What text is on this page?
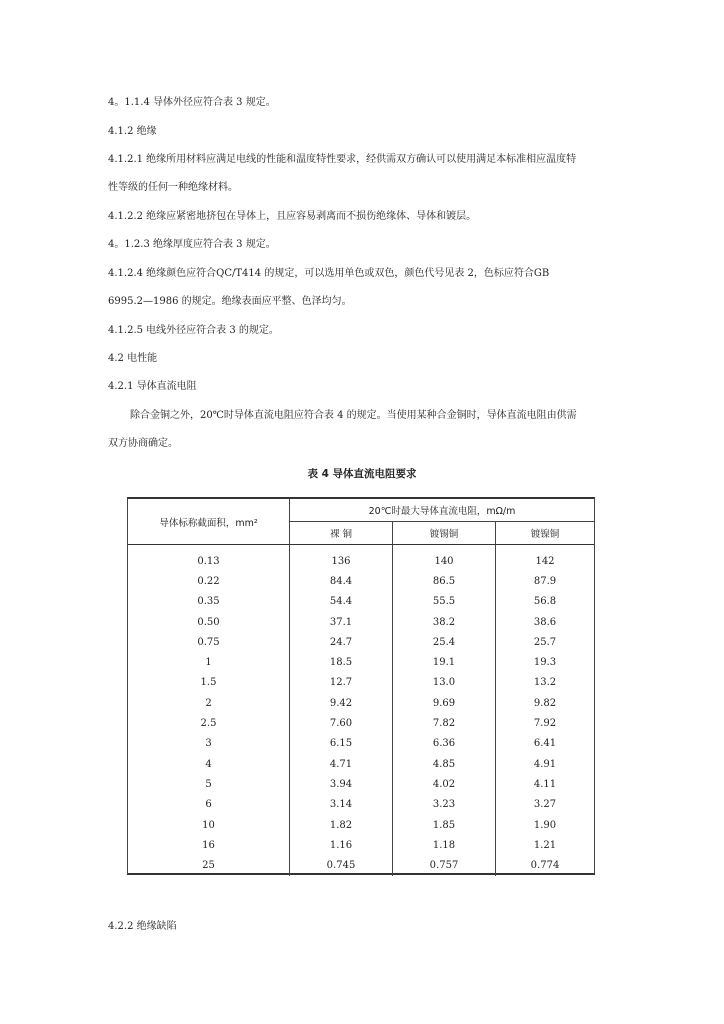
4。1.1.4 导体外径应符合表 3 规定。
4.1.2 绝缘
4.1.2.1 绝缘所用材料应满足电线的性能和温度特性要求，经供需双方确认可以使用满足本标准相应温度特
性等级的任何一种绝缘材料。
4.1.2.2 绝缘应紧密地挤包在导体上，且应容易剥离而不损伤绝缘体、导体和镀层。
4。1.2.3 绝缘厚度应符合表 3 规定。
4.1.2.4 绝缘颜色应符合QC/T414 的规定，可以选用单色或双色，颜色代号见表 2，色标应符合GB
6995.2—1986 的规定。绝缘表面应平整、色泽均匀。
4.1.2.5 电线外径应符合表 3 的规定。
4.2 电性能
4.2.1 导体直流电阻
除合金铜之外，20℃时导体直流电阻应符合表 4 的规定。当使用某种合金铜时，导体直流电阻由供需
双方协商确定。
表 4 导体直流电阻要求
导体标称截面积，mm²	20℃时最大导体直流电阻，mΩ/m		
	裸 铜	镀锡铜	镀镍铜
0.13	136	140	142
0.22	84.4	86.5	87.9
0.35	54.4	55.5	56.8
0.50	37.1	38.2	38.6
0.75	24.7	25.4	25.7
1	18.5	19.1	19.3
1.5	12.7	13.0	13.2
2	9.42	9.69	9.82
2.5	7.60	7.82	7.92
3	6.15	6.36	6.41
4	4.71	4.85	4.91
5	3.94	4.02	4.11
6	3.14	3.23	3.27
10	1.82	1.85	1.90
16	1.16	1.18	1.21
25	0.745	0.757	0.774
4.2.2 绝缘缺陷
